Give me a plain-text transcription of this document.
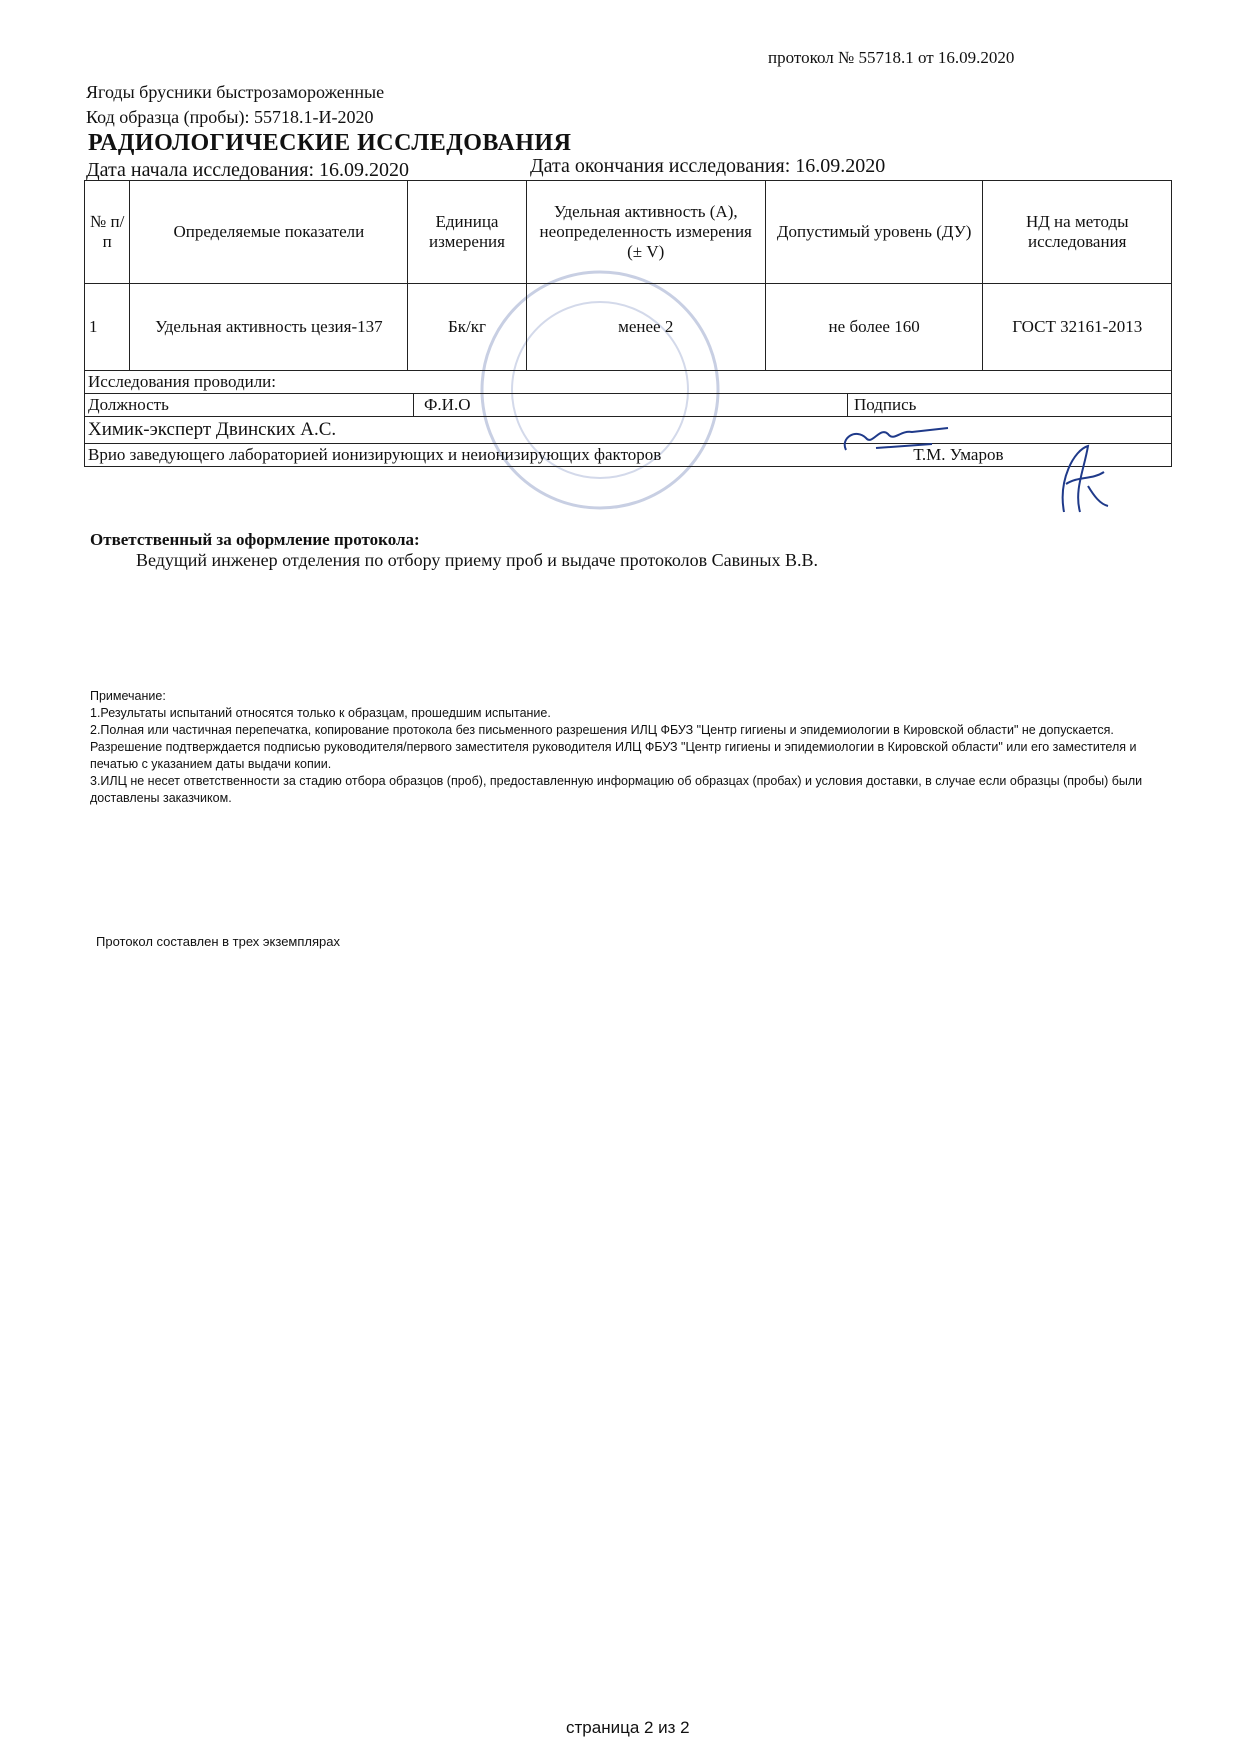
протокол № 55718.1 от 16.09.2020
Ягоды брусники быстрозамороженные
Код образца (пробы): 55718.1-И-2020
РАДИОЛОГИЧЕСКИЕ ИССЛЕДОВАНИЯ
Дата начала исследования: 16.09.2020	Дата окончания исследования: 16.09.2020
№ п/п	Определяемые показатели	Единица измерения	Удельная активность (А), неопределенность измерения (± V)	Допустимый уровень (ДУ)	НД на методы исследования
1	Удельная активность цезия-137	Бк/кг	менее 2	не более 160	ГОСТ 32161-2013
Исследования проводили:
Должность	Ф.И.О	Подпись
Химик-эксперт Двинских А.С.
Врио заведующего лабораторией ионизирующих и неионизирующих факторов	Т.М. Умаров
Ответственный за оформление протокола:
Ведущий инженер отделения по отбору приему проб и выдаче протоколов Савиных В.В.
Примечание:
1.Результаты испытаний относятся только к образцам, прошедшим испытание.
2.Полная или частичная перепечатка, копирование протокола без письменного разрешения ИЛЦ ФБУЗ "Центр гигиены и эпидемиологии в Кировской области" не допускается. Разрешение подтверждается подписью руководителя/первого заместителя руководителя ИЛЦ ФБУЗ "Центр гигиены и эпидемиологии в Кировской области" или его заместителя и печатью с указанием даты выдачи копии.
3.ИЛЦ не несет ответственности за стадию отбора образцов (проб), предоставленную информацию об образцах (пробах) и условия доставки, в случае если образцы (пробы) были доставлены заказчиком.
Протокол составлен в трех экземплярах
страница 2 из 2
